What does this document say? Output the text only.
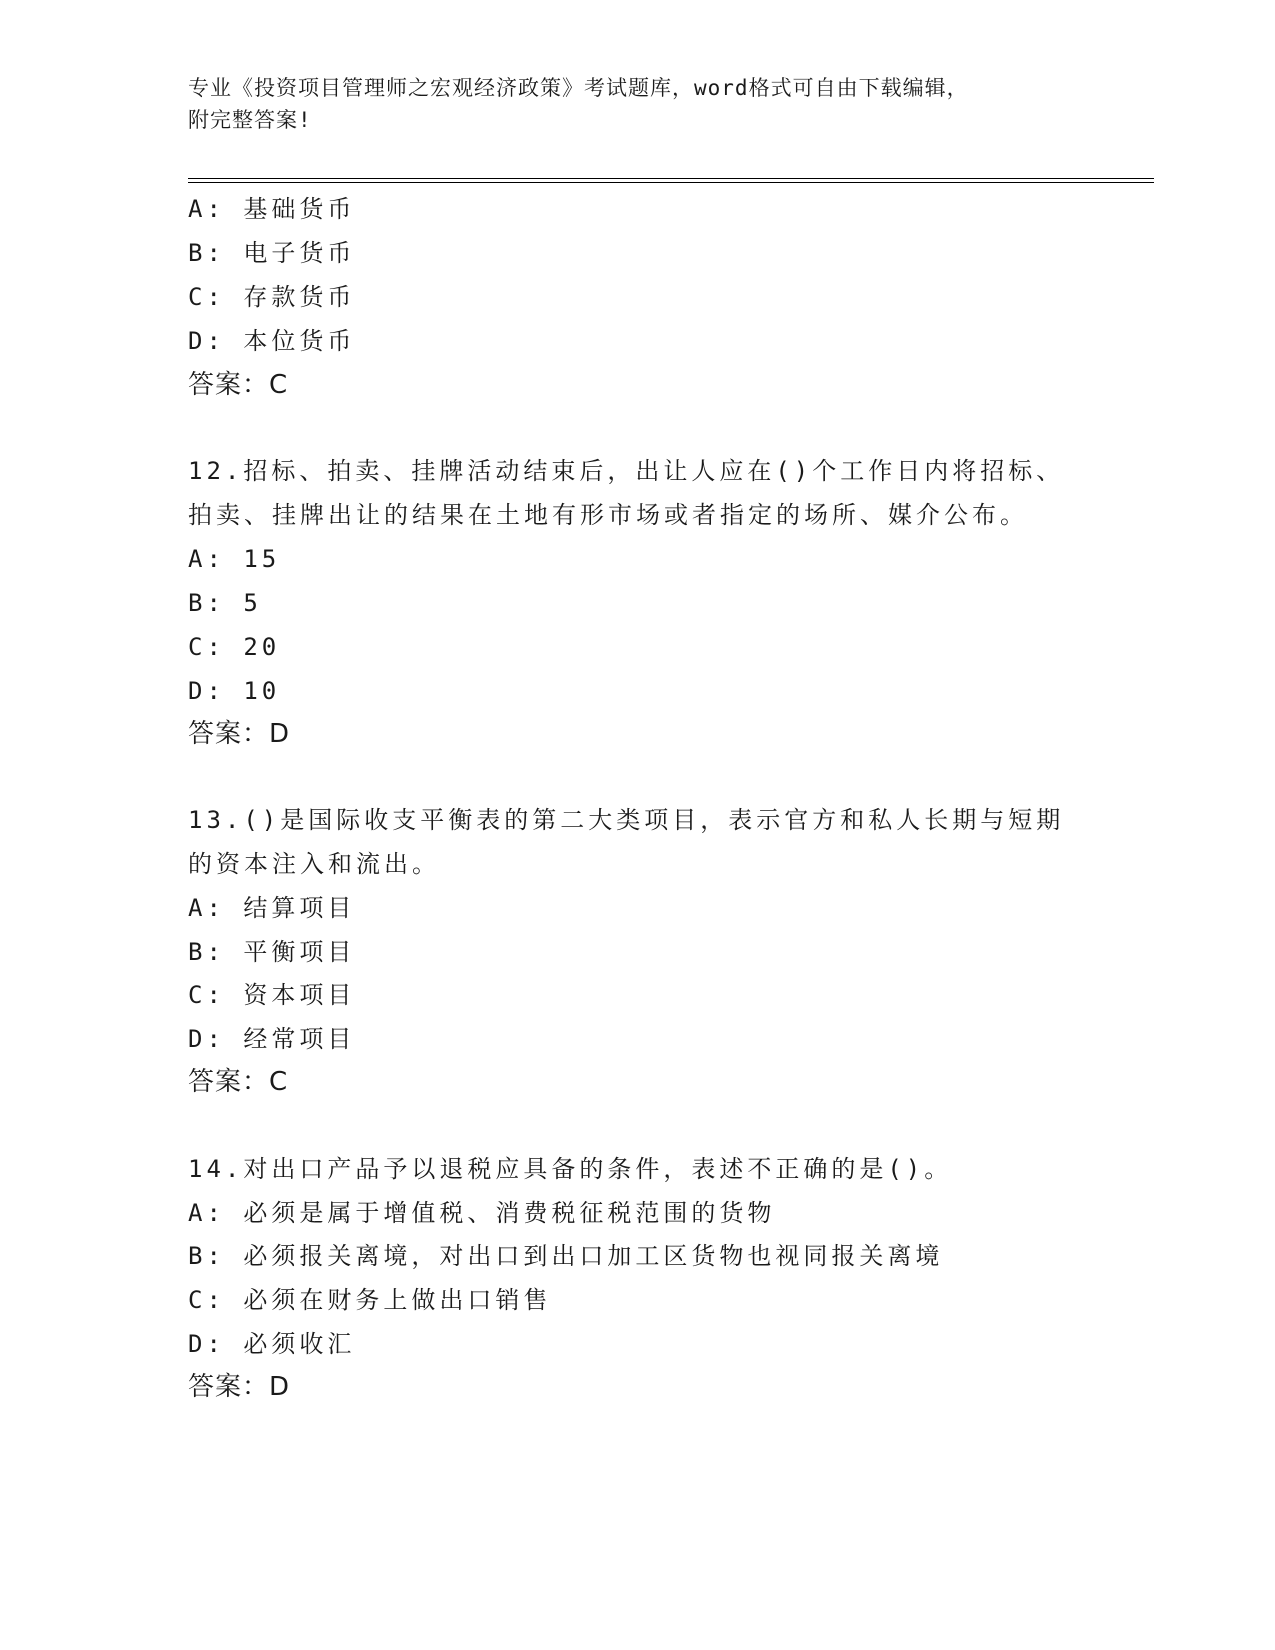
专业《投资项目管理师之宏观经济政策》考试题库，word格式可自由下载编辑，
附完整答案!
A: 基础货币
B: 电子货币
C: 存款货币
D: 本位货币
答案：C
12.招标、拍卖、挂牌活动结束后，出让人应在()个工作日内将招标、
拍卖、挂牌出让的结果在土地有形市场或者指定的场所、媒介公布。
A: 15
B: 5
C: 20
D: 10
答案：D
13.()是国际收支平衡表的第二大类项目，表示官方和私人长期与短期
的资本注入和流出。
A: 结算项目
B: 平衡项目
C: 资本项目
D: 经常项目
答案：C
14.对出口产品予以退税应具备的条件，表述不正确的是()。
A: 必须是属于增值税、消费税征税范围的货物
B: 必须报关离境，对出口到出口加工区货物也视同报关离境
C: 必须在财务上做出口销售
D: 必须收汇
答案：D
